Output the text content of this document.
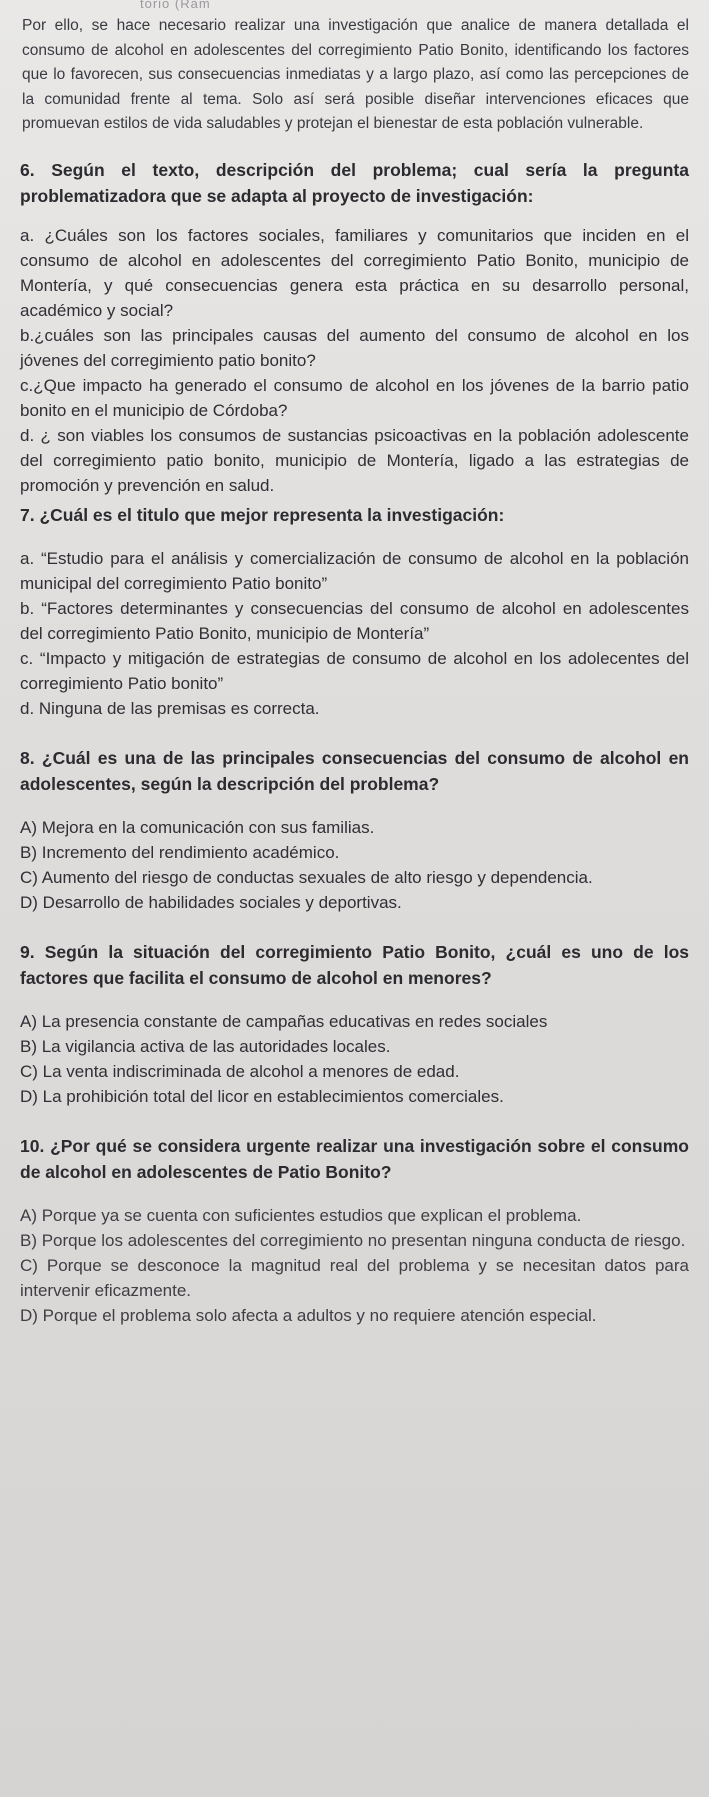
torio (Ram

Por ello, se hace necesario realizar una investigación que analice de manera detallada el consumo de alcohol en adolescentes del corregimiento Patio Bonito, identificando los factores que lo favorecen, sus consecuencias inmediatas y a largo plazo, así como las percepciones de la comunidad frente al tema. Solo así será posible diseñar intervenciones eficaces que promuevan estilos de vida saludables y protejan el bienestar de esta población vulnerable.

6. Según el texto, descripción del problema; cual sería la pregunta problematizadora que se adapta al proyecto de investigación:

a. ¿Cuáles son los factores sociales, familiares y comunitarios que inciden en el consumo de alcohol en adolescentes del corregimiento Patio Bonito, municipio de Montería, y qué consecuencias genera esta práctica en su desarrollo personal, académico y social?

b.¿cuáles son las principales causas del aumento del consumo de alcohol en los jóvenes del corregimiento patio bonito?

c.¿Que impacto ha generado el consumo de alcohol en los jóvenes de la barrio patio bonito en el municipio de Córdoba?

d. ¿ son viables los consumos de sustancias psicoactivas en la población adolescente del corregimiento patio bonito, municipio de Montería, ligado a las estrategias de promoción y prevención en salud.

7. ¿Cuál es el titulo que mejor representa la investigación:

a. “Estudio para el análisis y comercialización de consumo de alcohol en la población municipal del corregimiento Patio bonito”

b. “Factores determinantes y consecuencias del consumo de alcohol en adolescentes del corregimiento Patio Bonito, municipio de Montería”

c. “Impacto y mitigación de estrategias de consumo de alcohol en los adolecentes del corregimiento Patio bonito”

d. Ninguna de las premisas es correcta.

8. ¿Cuál es una de las principales consecuencias del consumo de alcohol en adolescentes, según la descripción del problema?

A) Mejora en la comunicación con sus familias.

B) Incremento del rendimiento académico.

C) Aumento del riesgo de conductas sexuales de alto riesgo y dependencia.

D) Desarrollo de habilidades sociales y deportivas.

9. Según la situación del corregimiento Patio Bonito, ¿cuál es uno de los factores que facilita el consumo de alcohol en menores?

A) La presencia constante de campañas educativas en redes sociales

B) La vigilancia activa de las autoridades locales.

C) La venta indiscriminada de alcohol a menores de edad.

D) La prohibición total del licor en establecimientos comerciales.

10. ¿Por qué se considera urgente realizar una investigación sobre el consumo de alcohol en adolescentes de Patio Bonito?

A) Porque ya se cuenta con suficientes estudios que explican el problema.

B) Porque los adolescentes del corregimiento no presentan ninguna conducta de riesgo.

C) Porque se desconoce la magnitud real del problema y se necesitan datos para intervenir eficazmente.

D) Porque el problema solo afecta a adultos y no requiere atención especial.
